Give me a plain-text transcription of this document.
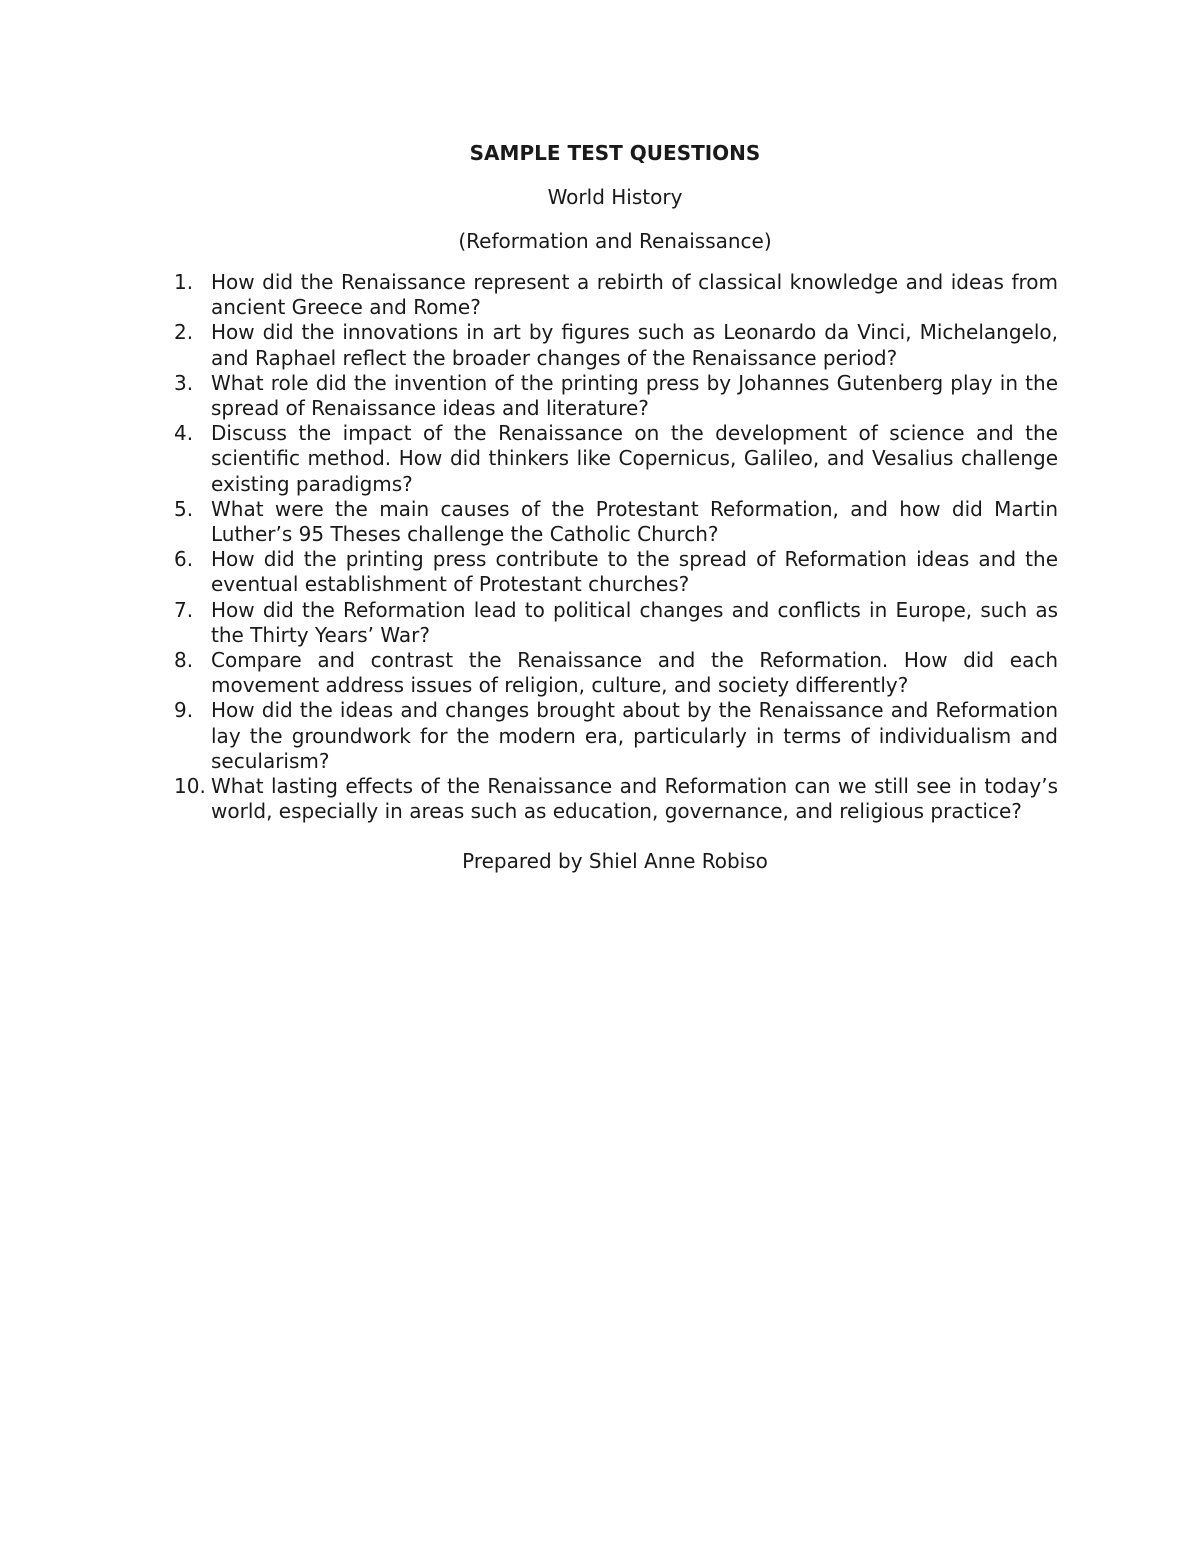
SAMPLE TEST QUESTIONS
World History
(Reformation and Renaissance)
1. How did the Renaissance represent a rebirth of classical knowledge and ideas from ancient Greece and Rome?
2. How did the innovations in art by figures such as Leonardo da Vinci, Michelangelo, and Raphael reflect the broader changes of the Renaissance period?
3. What role did the invention of the printing press by Johannes Gutenberg play in the spread of Renaissance ideas and literature?
4. Discuss the impact of the Renaissance on the development of science and the scientific method. How did thinkers like Copernicus, Galileo, and Vesalius challenge existing paradigms?
5. What were the main causes of the Protestant Reformation, and how did Martin Luther’s 95 Theses challenge the Catholic Church?
6. How did the printing press contribute to the spread of Reformation ideas and the eventual establishment of Protestant churches?
7. How did the Reformation lead to political changes and conflicts in Europe, such as the Thirty Years’ War?
8. Compare and contrast the Renaissance and the Reformation. How did each movement address issues of religion, culture, and society differently?
9. How did the ideas and changes brought about by the Renaissance and Reformation lay the groundwork for the modern era, particularly in terms of individualism and secularism?
10. What lasting effects of the Renaissance and Reformation can we still see in today’s world, especially in areas such as education, governance, and religious practice?
Prepared by Shiel Anne Robiso
